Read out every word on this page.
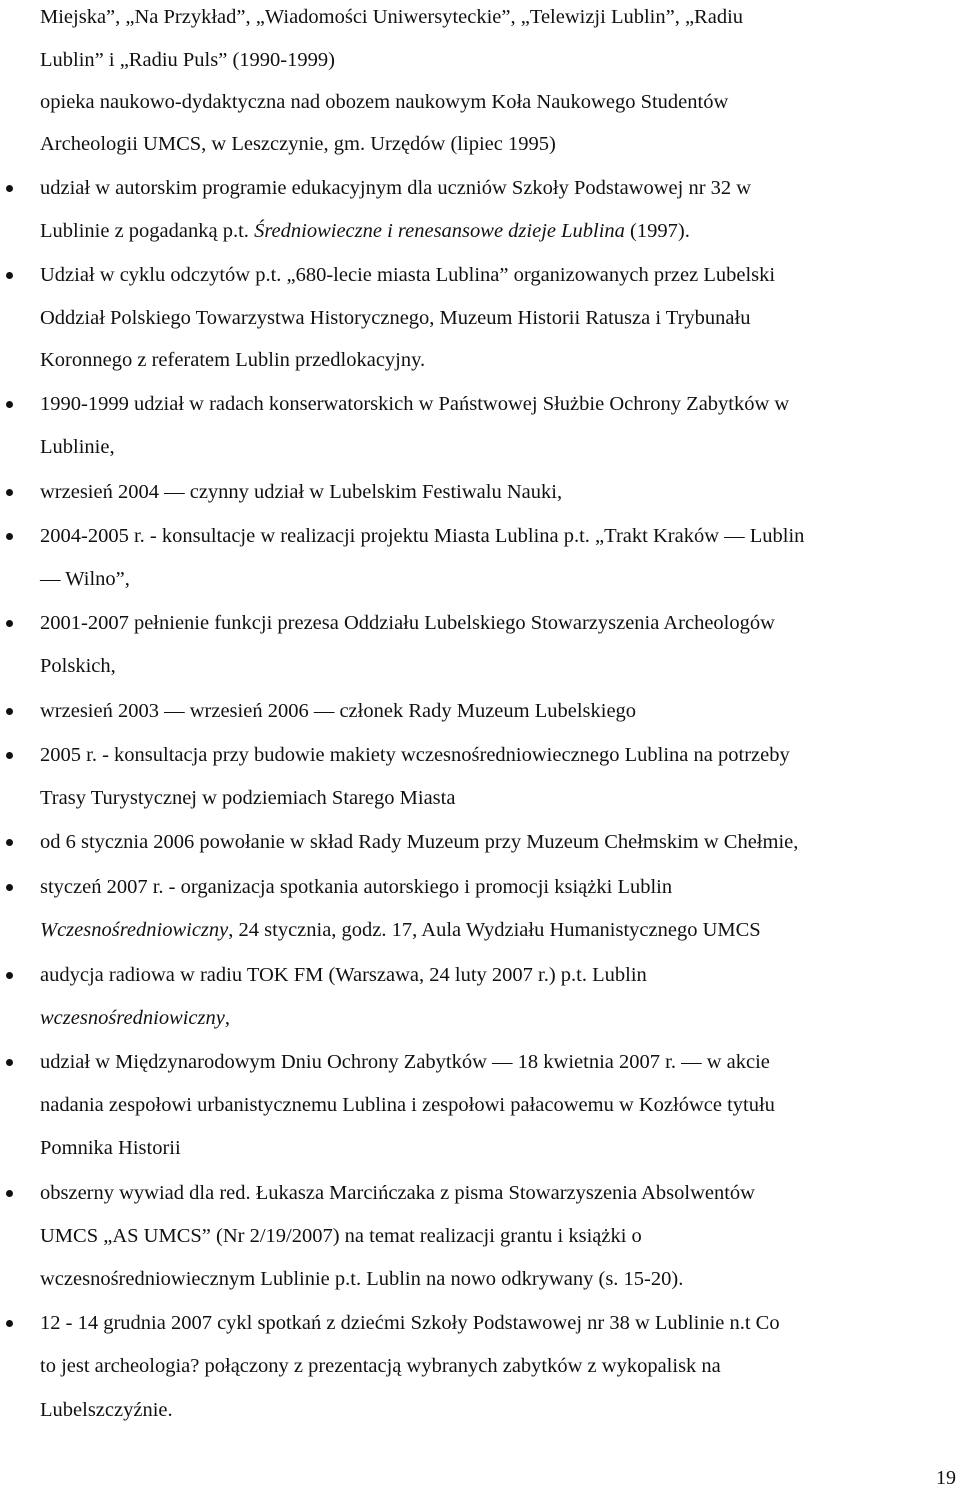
Miejska”, „Na Przykład”, „Wiadomości Uniwersyteckie”, „Telewizji Lublin”, „Radiu
Lublin” i „Radiu Puls” (1990-1999)
opieka naukowo-dydaktyczna nad obozem naukowym Koła Naukowego Studentów
Archeologii UMCS, w Leszczynie, gm. Urzędów (lipiec 1995)
udział w autorskim programie edukacyjnym dla uczniów Szkoły Podstawowej nr 32 w
Lublinie z pogadanką p.t. Średniowieczne i renesansowe dzieje Lublina (1997).
Udział w cyklu odczytów p.t. „680-lecie miasta Lublina” organizowanych przez Lubelski
Oddział Polskiego Towarzystwa Historycznego, Muzeum Historii Ratusza i Trybunału
Koronnego z referatem Lublin przedlokacyjny.
1990-1999 udział w radach konserwatorskich w Państwowej Służbie Ochrony Zabytków w
Lublinie,
wrzesień 2004 — czynny udział w Lubelskim Festiwalu Nauki,
2004-2005 r. - konsultacje w realizacji projektu Miasta Lublina p.t. „Trakt Kraków — Lublin
— Wilno”,
2001-2007 pełnienie funkcji prezesa Oddziału Lubelskiego Stowarzyszenia Archeologów
Polskich,
wrzesień 2003 — wrzesień 2006 — członek Rady Muzeum Lubelskiego
2005 r. - konsultacja przy budowie makiety wczesnośredniowiecznego Lublina na potrzeby
Trasy Turystycznej w podziemiach Starego Miasta
od 6 stycznia 2006 powołanie w skład Rady Muzeum przy Muzeum Chełmskim w Chełmie,
styczeń 2007 r. - organizacja spotkania autorskiego i promocji książki Lublin
Wczesnośredniowiczny, 24 stycznia, godz. 17, Aula Wydziału Humanistycznego UMCS
audycja radiowa w radiu TOK FM (Warszawa, 24 luty 2007 r.) p.t. Lublin
wczesnośredniowiczny,
udział w Międzynarodowym Dniu Ochrony Zabytków — 18 kwietnia 2007 r. — w akcie
nadania zespołowi urbanistycznemu Lublina i zespołowi pałacowemu w Kozłówce tytułu
Pomnika Historii
obszerny wywiad dla red. Łukasza Marcińczaka z pisma Stowarzyszenia Absolwentów
UMCS „AS UMCS” (Nr 2/19/2007) na temat realizacji grantu i książki o
wczesnośredniowiecznym Lublinie p.t. Lublin na nowo odkrywany (s. 15-20).
12 - 14 grudnia 2007 cykl spotkań z dziećmi Szkoły Podstawowej nr 38 w Lublinie n.t Co
to jest archeologia? połączony z prezentacją wybranych zabytków z wykopalisk na
Lubelszczyźnie.
19
